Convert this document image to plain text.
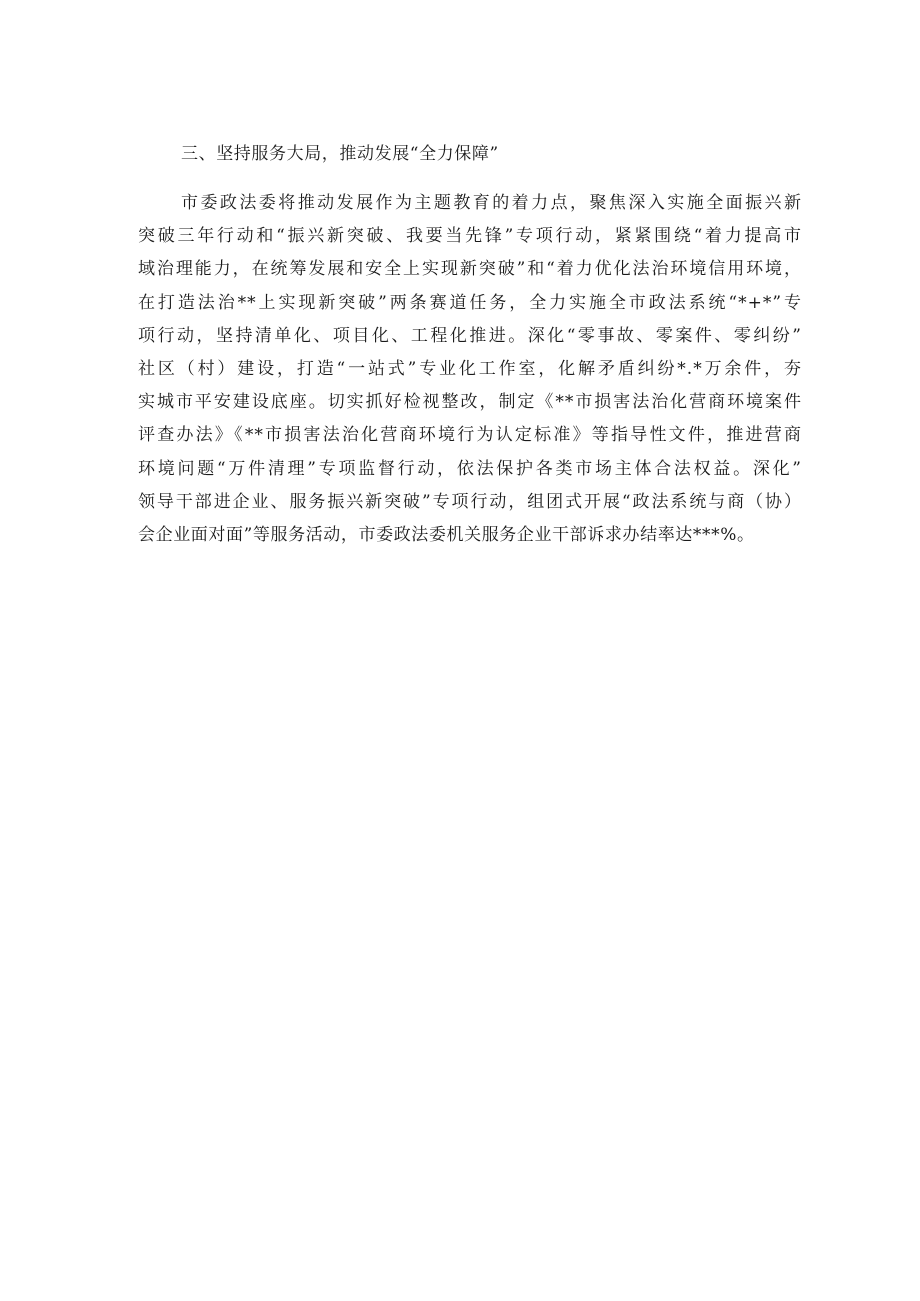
三、坚持服务大局，推动发展“全力保障”

市委政法委将推动发展作为主题教育的着力点，聚焦深入实施全面振兴新

突破三年行动和“振兴新突破、我要当先锋”专项行动，紧紧围绕“着力提高市

域治理能力，在统筹发展和安全上实现新突破”和“着力优化法治环境信用环境，

在打造法治**上实现新突破”两条赛道任务，全力实施全市政法系统“*+*”专

项行动，坚持清单化、项目化、工程化推进。深化“零事故、零案件、零纠纷”

社区（村）建设，打造“一站式”专业化工作室，化解矛盾纠纷*.*万余件，夯

实城市平安建设底座。切实抓好检视整改，制定《**市损害法治化营商环境案件

评查办法》《**市损害法治化营商环境行为认定标准》等指导性文件，推进营商

环境问题“万件清理”专项监督行动，依法保护各类市场主体合法权益。深化”

领导干部进企业、服务振兴新突破”专项行动，组团式开展“政法系统与商（协）

会企业面对面”等服务活动，市委政法委机关服务企业干部诉求办结率达***%。
